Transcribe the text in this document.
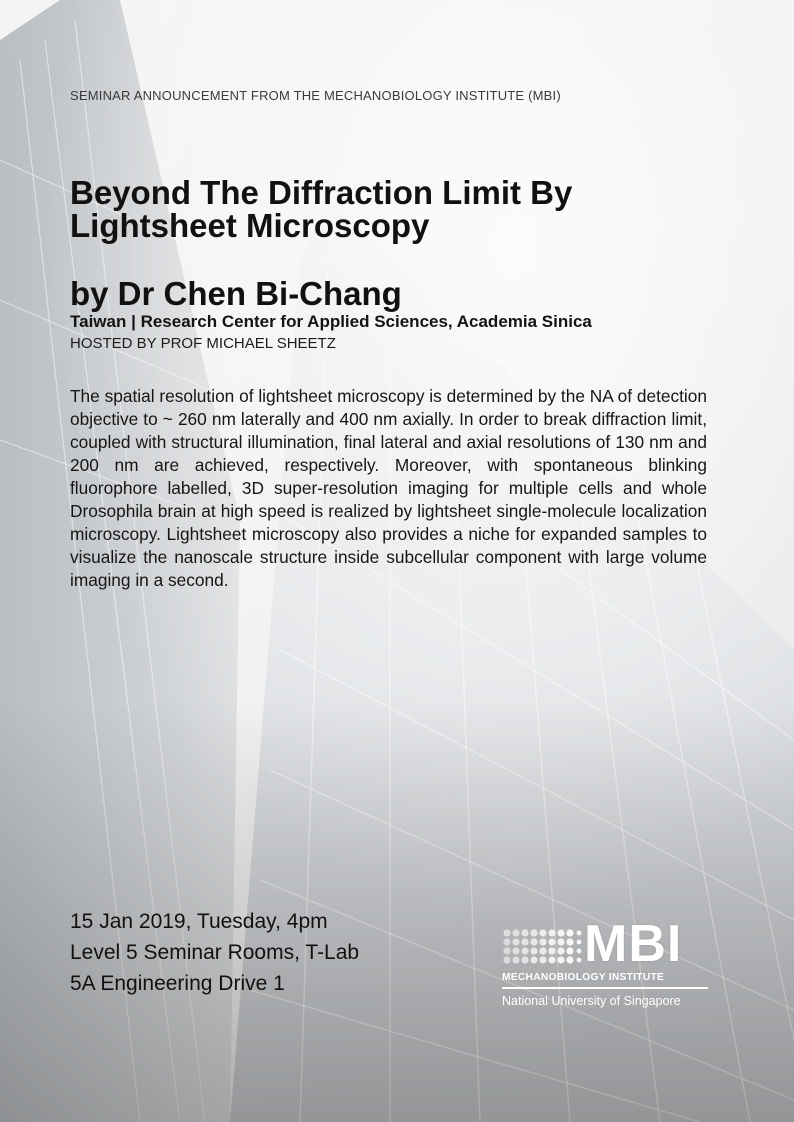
SEMINAR ANNOUNCEMENT FROM THE MECHANOBIOLOGY INSTITUTE (MBI)
Beyond The Diffraction Limit By
Lightsheet Microscopy
by Dr Chen Bi-Chang
Taiwan | Research Center for Applied Sciences, Academia Sinica
HOSTED BY PROF MICHAEL SHEETZ

The spatial resolution of lightsheet microscopy is determined by the NA of detection objective to ~ 260 nm laterally and 400 nm axially. In order to break diffraction limit, coupled with structural illumination, final lateral and axial resolutions of 130 nm and 200 nm are achieved, respectively. Moreover, with spontaneous blinking fluorophore labelled, 3D super-resolution imaging for multiple cells and whole Drosophila brain at high speed is realized by lightsheet single-molecule localization microscopy. Lightsheet microscopy also provides a niche for expanded samples to visualize the nanoscale structure inside subcellular component with large volume imaging in a second.

15 Jan 2019, Tuesday, 4pm
Level 5 Seminar Rooms, T-Lab
5A Engineering Drive 1
MBI
MECHANOBIOLOGY INSTITUTE
National University of Singapore
